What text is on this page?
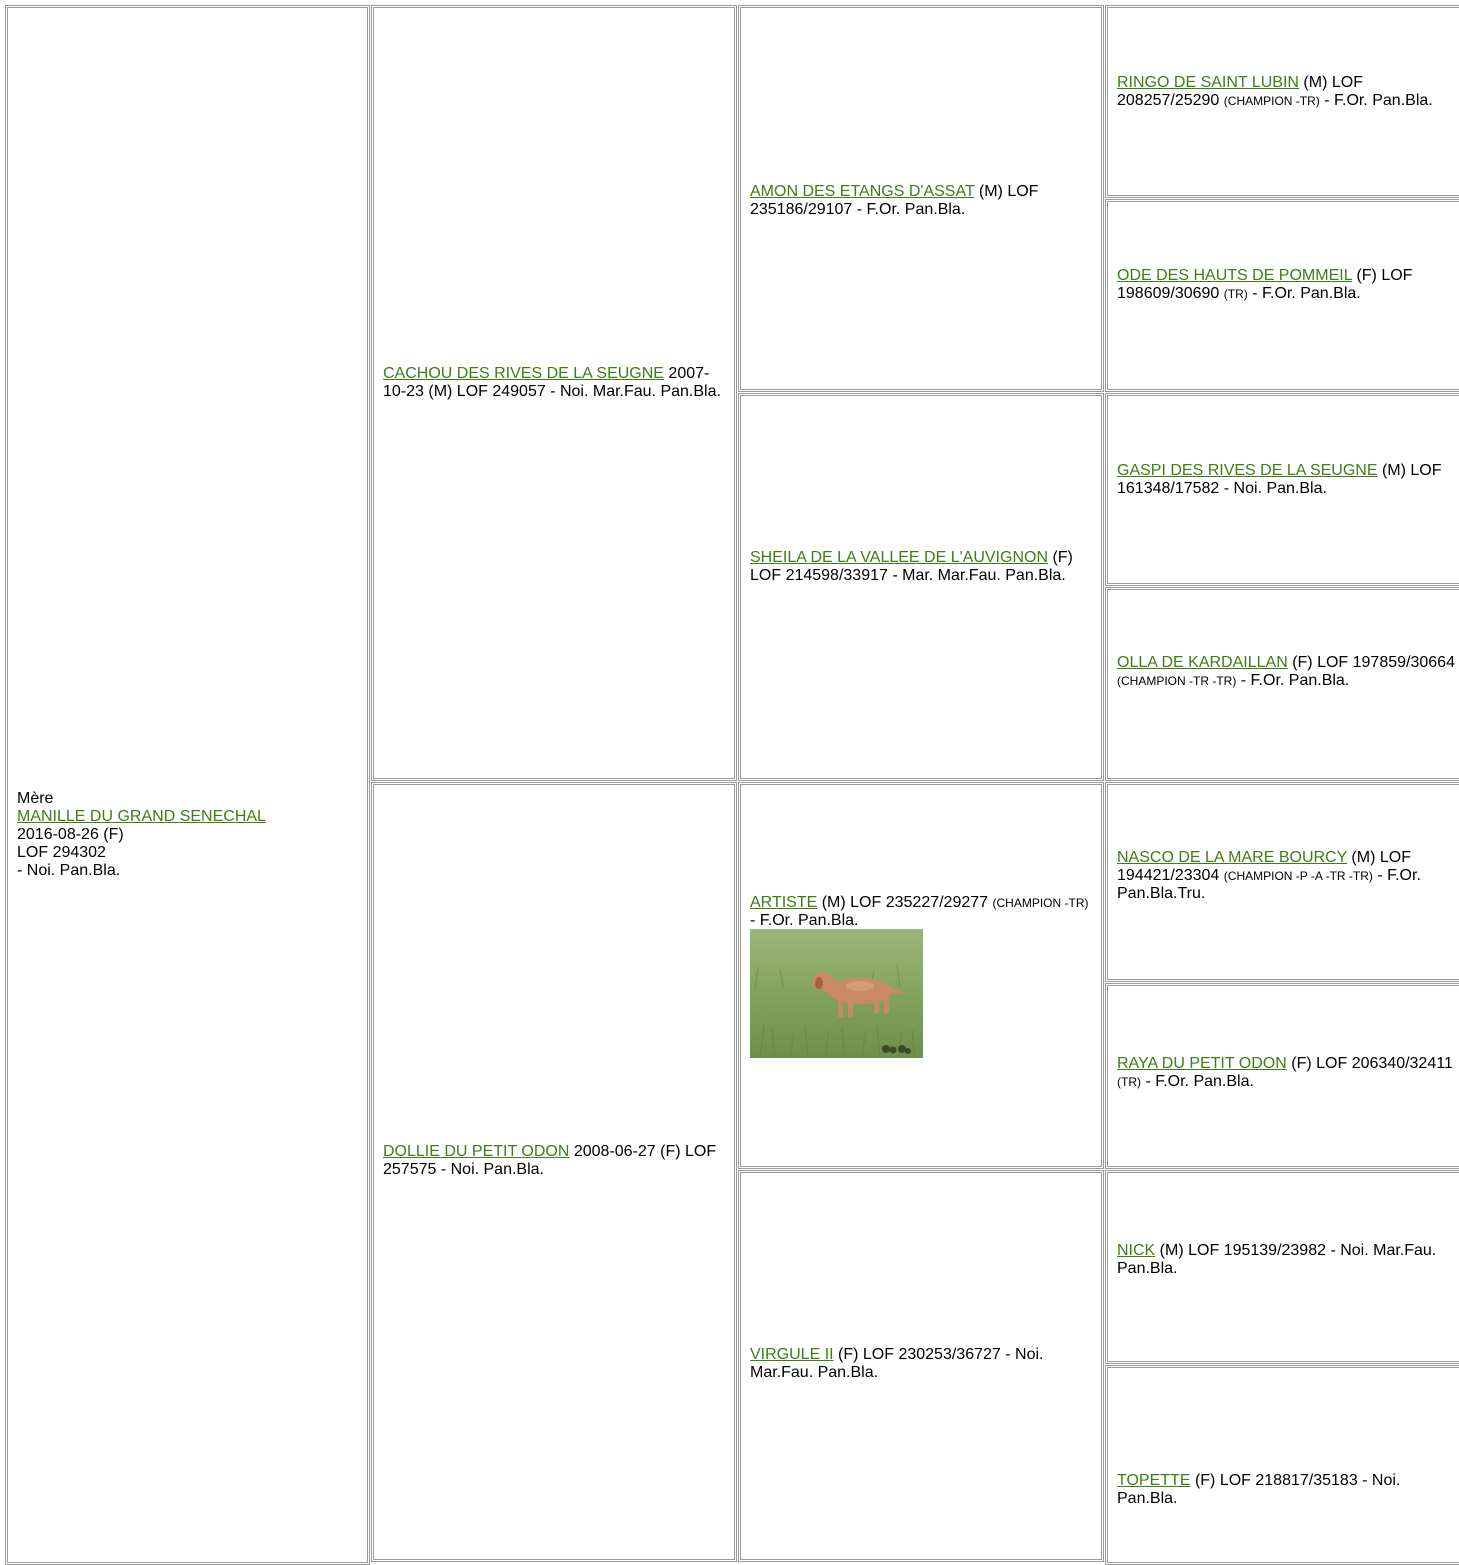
Mère
MANILLE DU GRAND SENECHAL
2016-08-26 (F)
LOF 294302
- Noi. Pan.Bla.
CACHOU DES RIVES DE LA SEUGNE 2007-10-23 (M) LOF 249057 - Noi. Mar.Fau. Pan.Bla.
DOLLIE DU PETIT ODON 2008-06-27 (F) LOF 257575 - Noi. Pan.Bla.
AMON DES ETANGS D'ASSAT (M) LOF 235186/29107 - F.Or. Pan.Bla.
SHEILA DE LA VALLEE DE L'AUVIGNON (F) LOF 214598/33917 - Mar. Mar.Fau. Pan.Bla.
ARTISTE (M) LOF 235227/29277 (CHAMPION -TR) - F.Or. Pan.Bla.
VIRGULE II (F) LOF 230253/36727 - Noi. Mar.Fau. Pan.Bla.
RINGO DE SAINT LUBIN (M) LOF 208257/25290 (CHAMPION -TR) - F.Or. Pan.Bla.
ODE DES HAUTS DE POMMEIL (F) LOF 198609/30690 (TR) - F.Or. Pan.Bla.
GASPI DES RIVES DE LA SEUGNE (M) LOF 161348/17582 - Noi. Pan.Bla.
OLLA DE KARDAILLAN (F) LOF 197859/30664 (CHAMPION -TR -TR) - F.Or. Pan.Bla.
NASCO DE LA MARE BOURCY (M) LOF 194421/23304 (CHAMPION -P -A -TR -TR) - F.Or. Pan.Bla.Tru.
RAYA DU PETIT ODON (F) LOF 206340/32411 (TR) - F.Or. Pan.Bla.
NICK (M) LOF 195139/23982 - Noi. Mar.Fau. Pan.Bla.
TOPETTE (F) LOF 218817/35183 - Noi. Pan.Bla.
